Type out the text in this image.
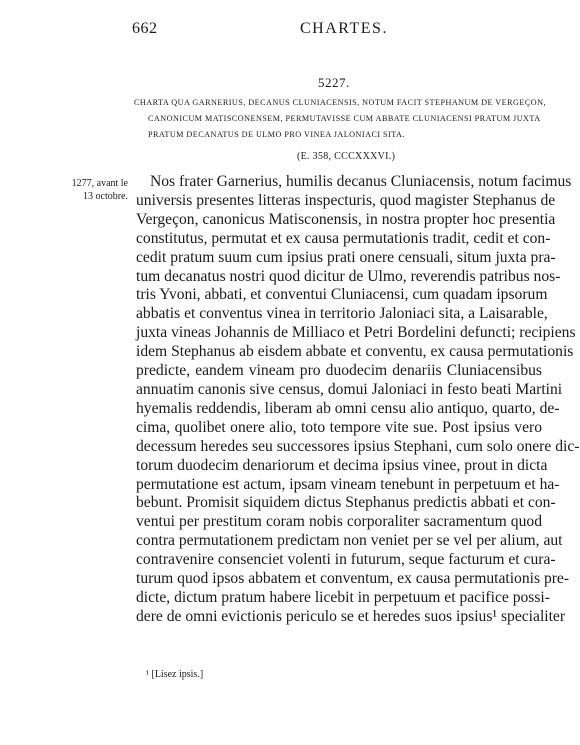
662	CHARTES.
5227.
CHARTA QUA GARNERIUS, DECANUS CLUNIACENSIS, NOTUM FACIT STEPHANUM DE VERGEÇON,
CANONICUM MATISCONENSEM, PERMUTAVISSE CUM ABBATE CLUNIACENSI PRATUM JUXTA
PRATUM DECANATUS DE ULMO PRO VINEA JALONIACI SITA.
(E. 358, CCCXXXVI.)
1277, avant le
13 octobre.
Nos frater Garnerius, humilis decanus Cluniacensis, notum facimus
universis presentes litteras inspecturis, quod magister Stephanus de
Vergeçon, canonicus Matisconensis, in nostra propter hoc presentia
constitutus, permutat et ex causa permutationis tradit, cedit et con-
cedit pratum suum cum ipsius prati onere censuali, situm juxta pra-
tum decanatus nostri quod dicitur de Ulmo, reverendis patribus nos-
tris Yvoni, abbati, et conventui Cluniacensi, cum quadam ipsorum
abbatis et conventus vinea in territorio Jaloniaci sita, a Laisarable,
juxta vineas Johannis de Milliaco et Petri Bordelini defuncti; recipiens
idem Stephanus ab eisdem abbate et conventu, ex causa permutationis
predicte, eandem vineam pro duodecim denariis Cluniacensibus
annuatim canonis sive census, domui Jaloniaci in festo beati Martini
hyemalis reddendis, liberam ab omni censu alio antiquo, quarto, de-
cima, quolibet onere alio, toto tempore vite sue. Post ipsius vero
decessum heredes seu successores ipsius Stephani, cum solo onere dic-
torum duodecim denariorum et decima ipsius vinee, prout in dicta
permutatione est actum, ipsam vineam tenebunt in perpetuum et ha-
bebunt. Promisit siquidem dictus Stephanus predictis abbati et con-
ventui per prestitum coram nobis corporaliter sacramentum quod
contra permutationem predictam non veniet per se vel per alium, aut
contravenire consenciet volenti in futurum, seque facturum et cura-
turum quod ipsos abbatem et conventum, ex causa permutationis pre-
dicte, dictum pratum habere licebit in perpetuum et pacifice possi-
dere de omni evictionis periculo se et heredes suos ipsius¹ specialiter
¹ [Lisez ipsis.]
